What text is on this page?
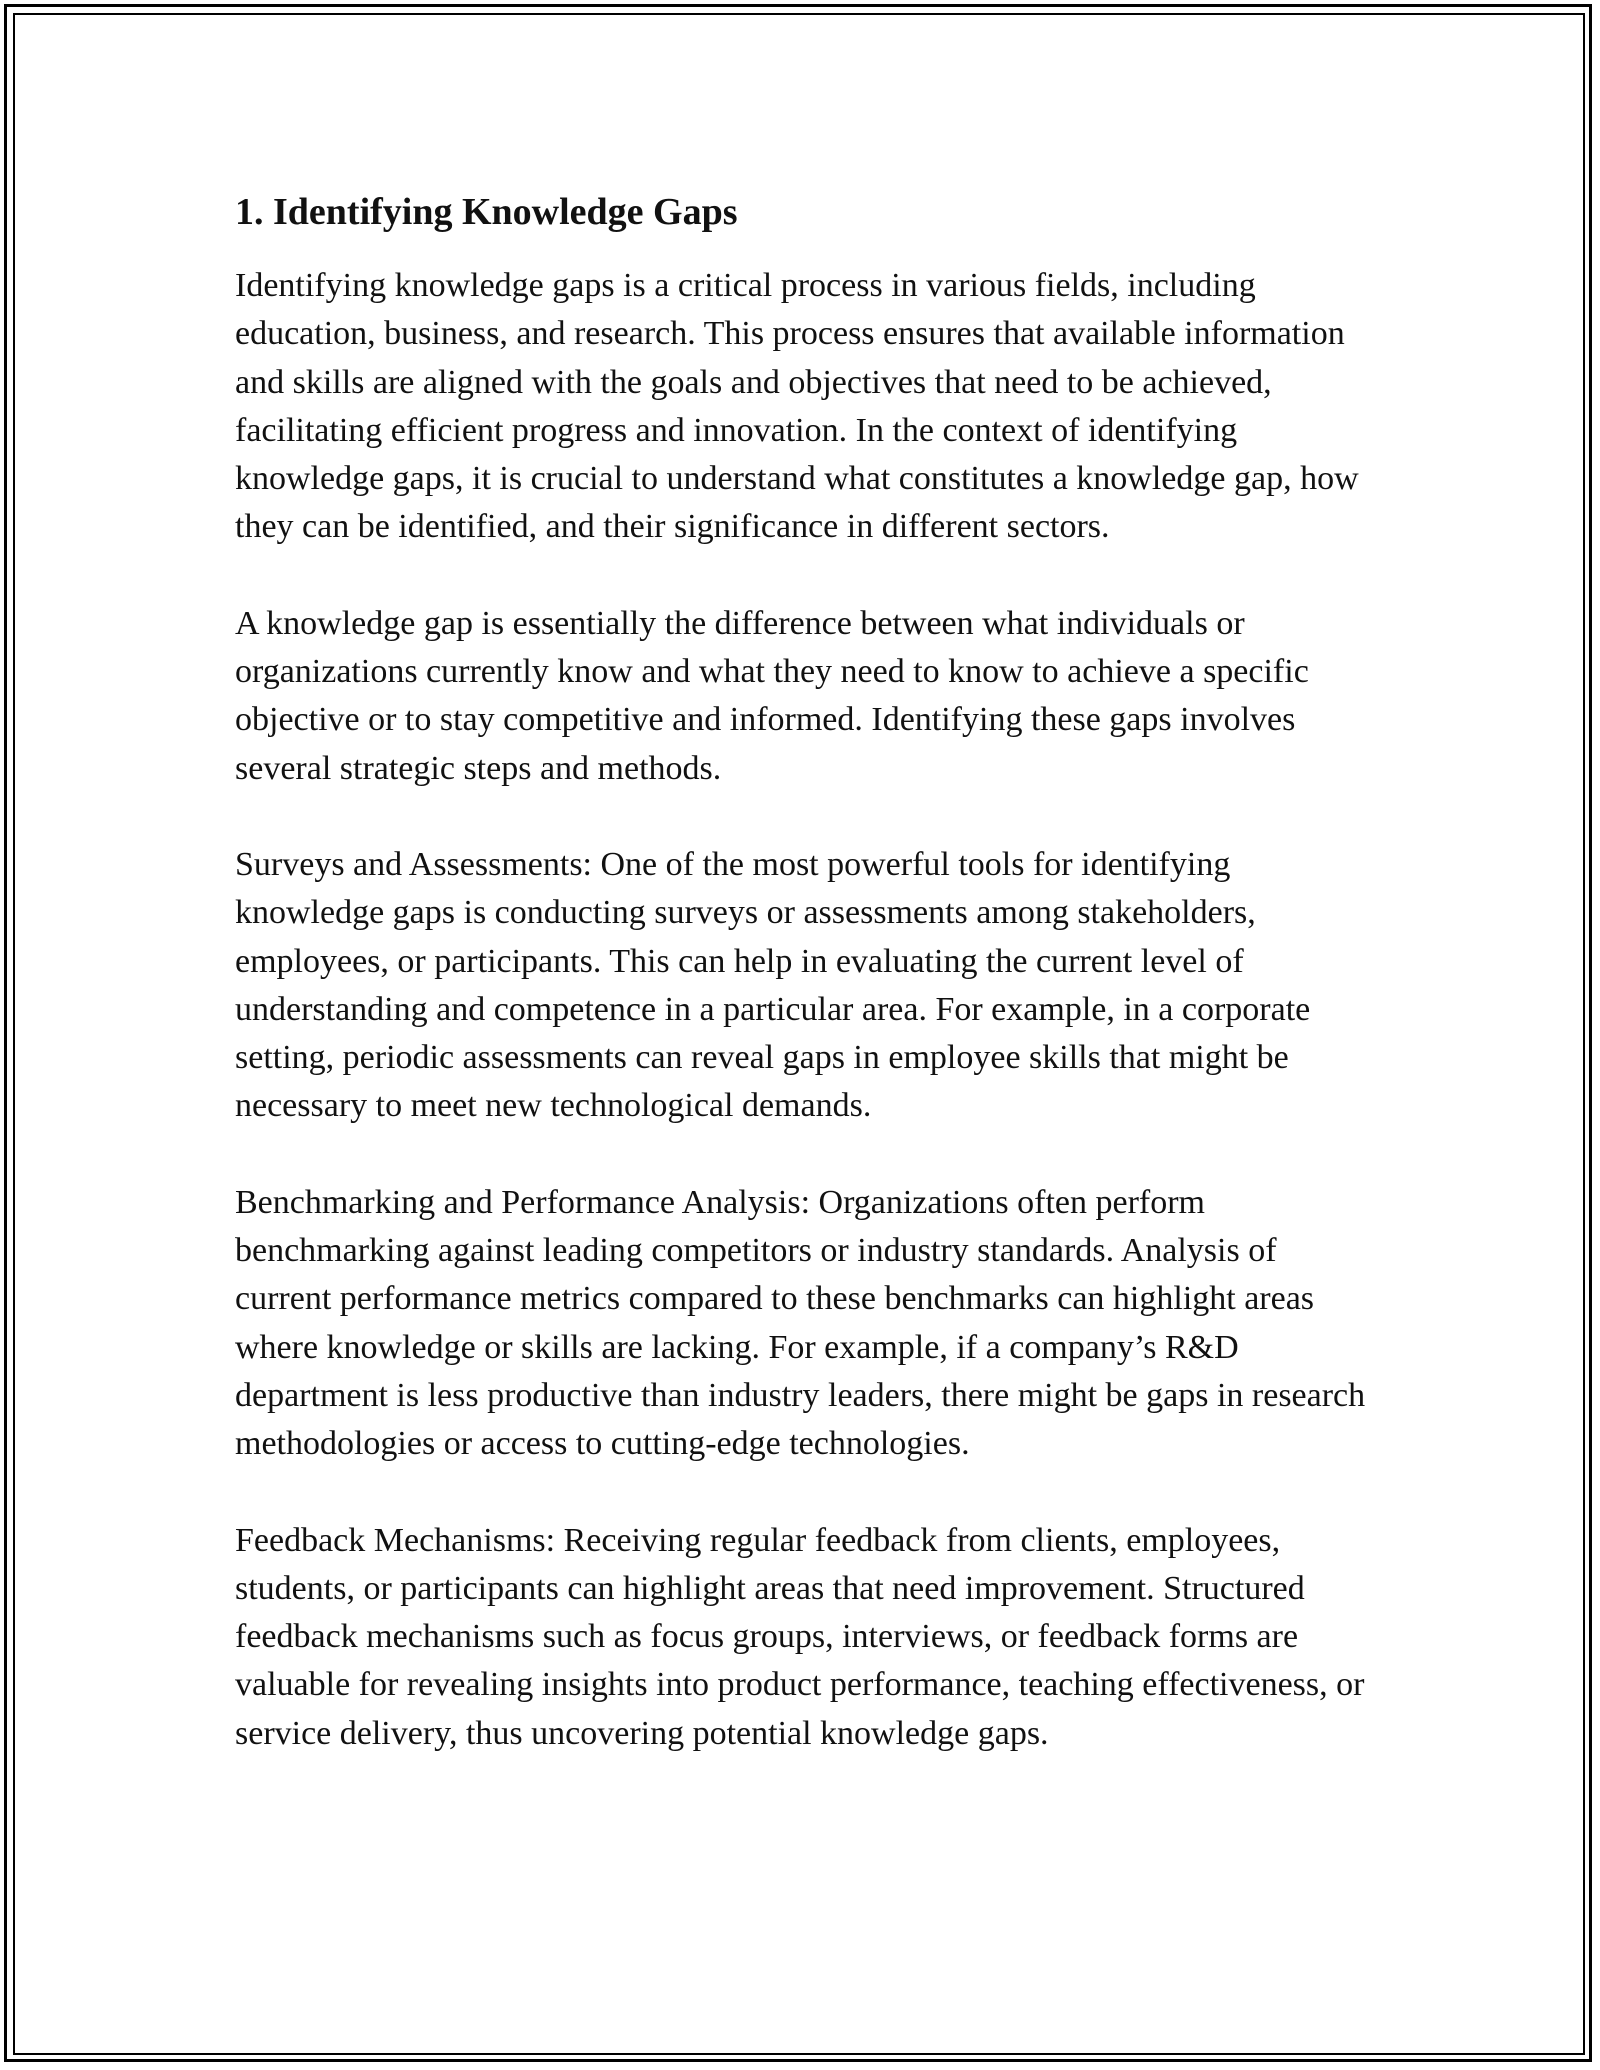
1. Identifying Knowledge Gaps

Identifying knowledge gaps is a critical process in various fields, including education, business, and research. This process ensures that available information and skills are aligned with the goals and objectives that need to be achieved, facilitating efficient progress and innovation. In the context of identifying knowledge gaps, it is crucial to understand what constitutes a knowledge gap, how they can be identified, and their significance in different sectors.

A knowledge gap is essentially the difference between what individuals or organizations currently know and what they need to know to achieve a specific objective or to stay competitive and informed. Identifying these gaps involves several strategic steps and methods.

Surveys and Assessments: One of the most powerful tools for identifying knowledge gaps is conducting surveys or assessments among stakeholders, employees, or participants. This can help in evaluating the current level of understanding and competence in a particular area. For example, in a corporate setting, periodic assessments can reveal gaps in employee skills that might be necessary to meet new technological demands.

Benchmarking and Performance Analysis: Organizations often perform benchmarking against leading competitors or industry standards. Analysis of current performance metrics compared to these benchmarks can highlight areas where knowledge or skills are lacking. For example, if a company’s R&D department is less productive than industry leaders, there might be gaps in research methodologies or access to cutting-edge technologies.

Feedback Mechanisms: Receiving regular feedback from clients, employees, students, or participants can highlight areas that need improvement. Structured feedback mechanisms such as focus groups, interviews, or feedback forms are valuable for revealing insights into product performance, teaching effectiveness, or service delivery, thus uncovering potential knowledge gaps.
